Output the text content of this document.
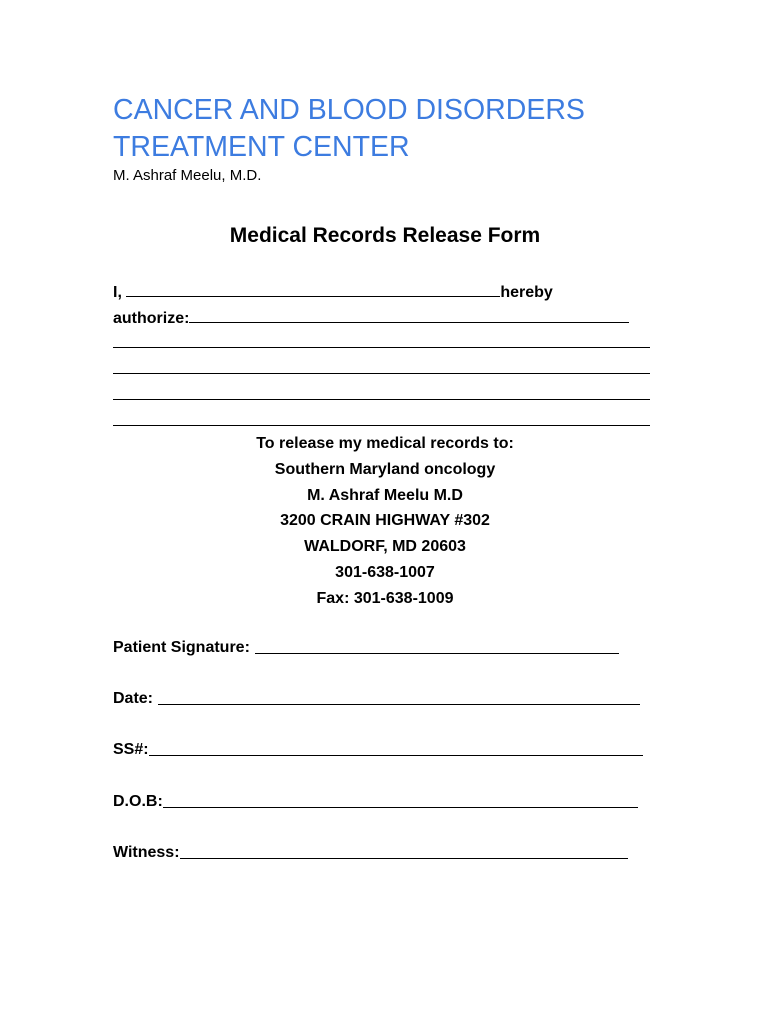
CANCER AND BLOOD DISORDERS
TREATMENT CENTER
M. Ashraf Meelu, M.D.
Medical Records Release Form
I,	hereby
authorize:
To release my medical records to:
Southern Maryland oncology
M. Ashraf Meelu M.D
3200 CRAIN HIGHWAY #302
WALDORF, MD 20603
301-638-1007
Fax: 301-638-1009
Patient Signature:
Date:
SS#:
D.O.B:
Witness:
